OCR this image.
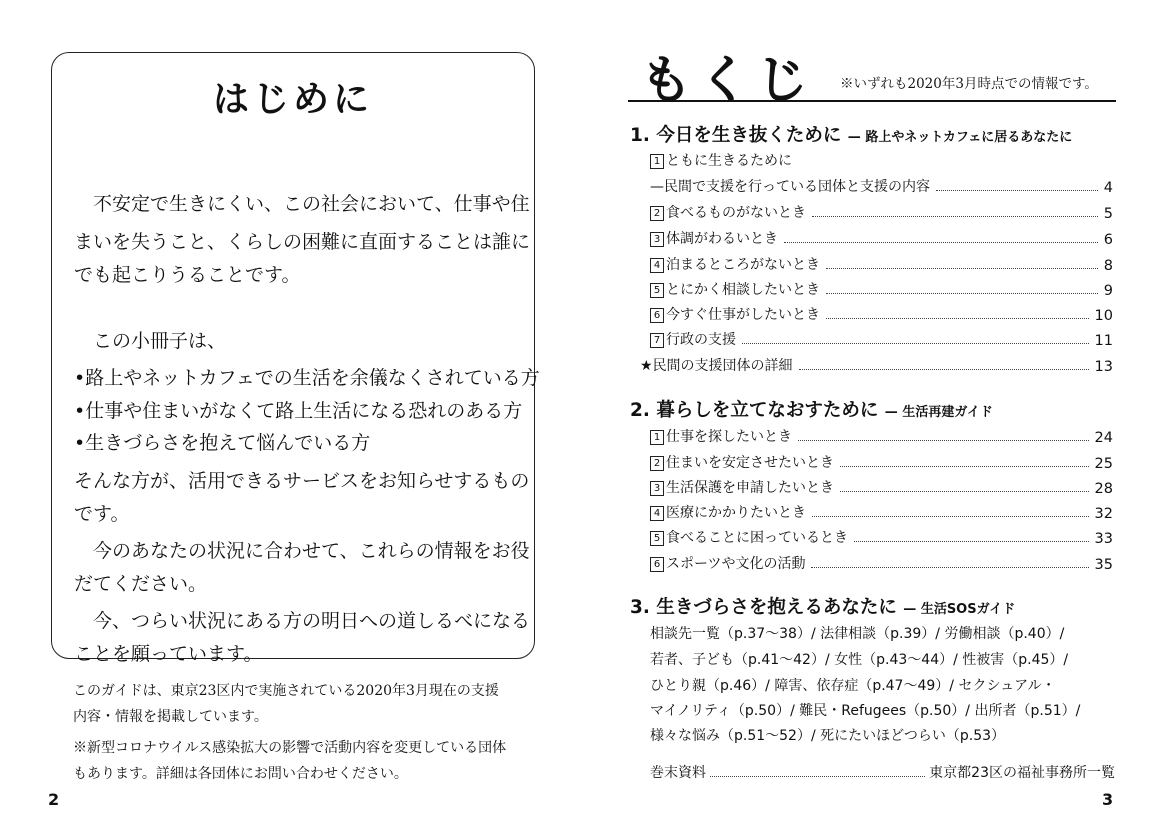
はじめに
　不安定で生きにくい、この社会において、仕事や住
まいを失うこと、くらしの困難に直面することは誰に
でも起こりうることです。
　この小冊子は、
•路上やネットカフェでの生活を余儀なくされている方
•仕事や住まいがなくて路上生活になる恐れのある方
•生きづらさを抱えて悩んでいる方
そんな方が、活用できるサービスをお知らせするもの
です。
　今のあなたの状況に合わせて、これらの情報をお役
だてください。
　今、つらい状況にある方の明日への道しるべになる
ことを願っています。
このガイドは、東京23区内で実施されている2020年3月現在の支援
内容・情報を掲載しています。
※新型コロナウイルス感染拡大の影響で活動内容を変更している団体
もあります。詳細は各団体にお問い合わせください。
2
もくじ ※いずれも2020年3月時点での情報です。
1. 今日を生き抜くために — 路上やネットカフェに居るあなたに
1 ともに生きるために
—民間で支援を行っている団体と支援の内容	4
2 食べるものがないとき	5
3 体調がわるいとき	6
4 泊まるところがないとき	8
5 とにかく相談したいとき	9
6 今すぐ仕事がしたいとき	10
7 行政の支援	11
★民間の支援団体の詳細	13
2. 暮らしを立てなおすために — 生活再建ガイド
1 仕事を探したいとき	24
2 住まいを安定させたいとき	25
3 生活保護を申請したいとき	28
4 医療にかかりたいとき	32
5 食べることに困っているとき	33
6 スポーツや文化の活動	35
3. 生きづらさを抱えるあなたに — 生活SOSガイド
相談先一覧（p.37～38）/ 法律相談（p.39）/ 労働相談（p.40）/
若者、子ども（p.41～42）/ 女性（p.43～44）/ 性被害（p.45）/
ひとり親（p.46）/ 障害、依存症（p.47～49）/ セクシュアル・
マイノリティ（p.50）/ 難民・Refugees（p.50）/ 出所者（p.51）/
様々な悩み（p.51～52）/ 死にたいほどつらい（p.53）
巻末資料	東京都23区の福祉事務所一覧
3
